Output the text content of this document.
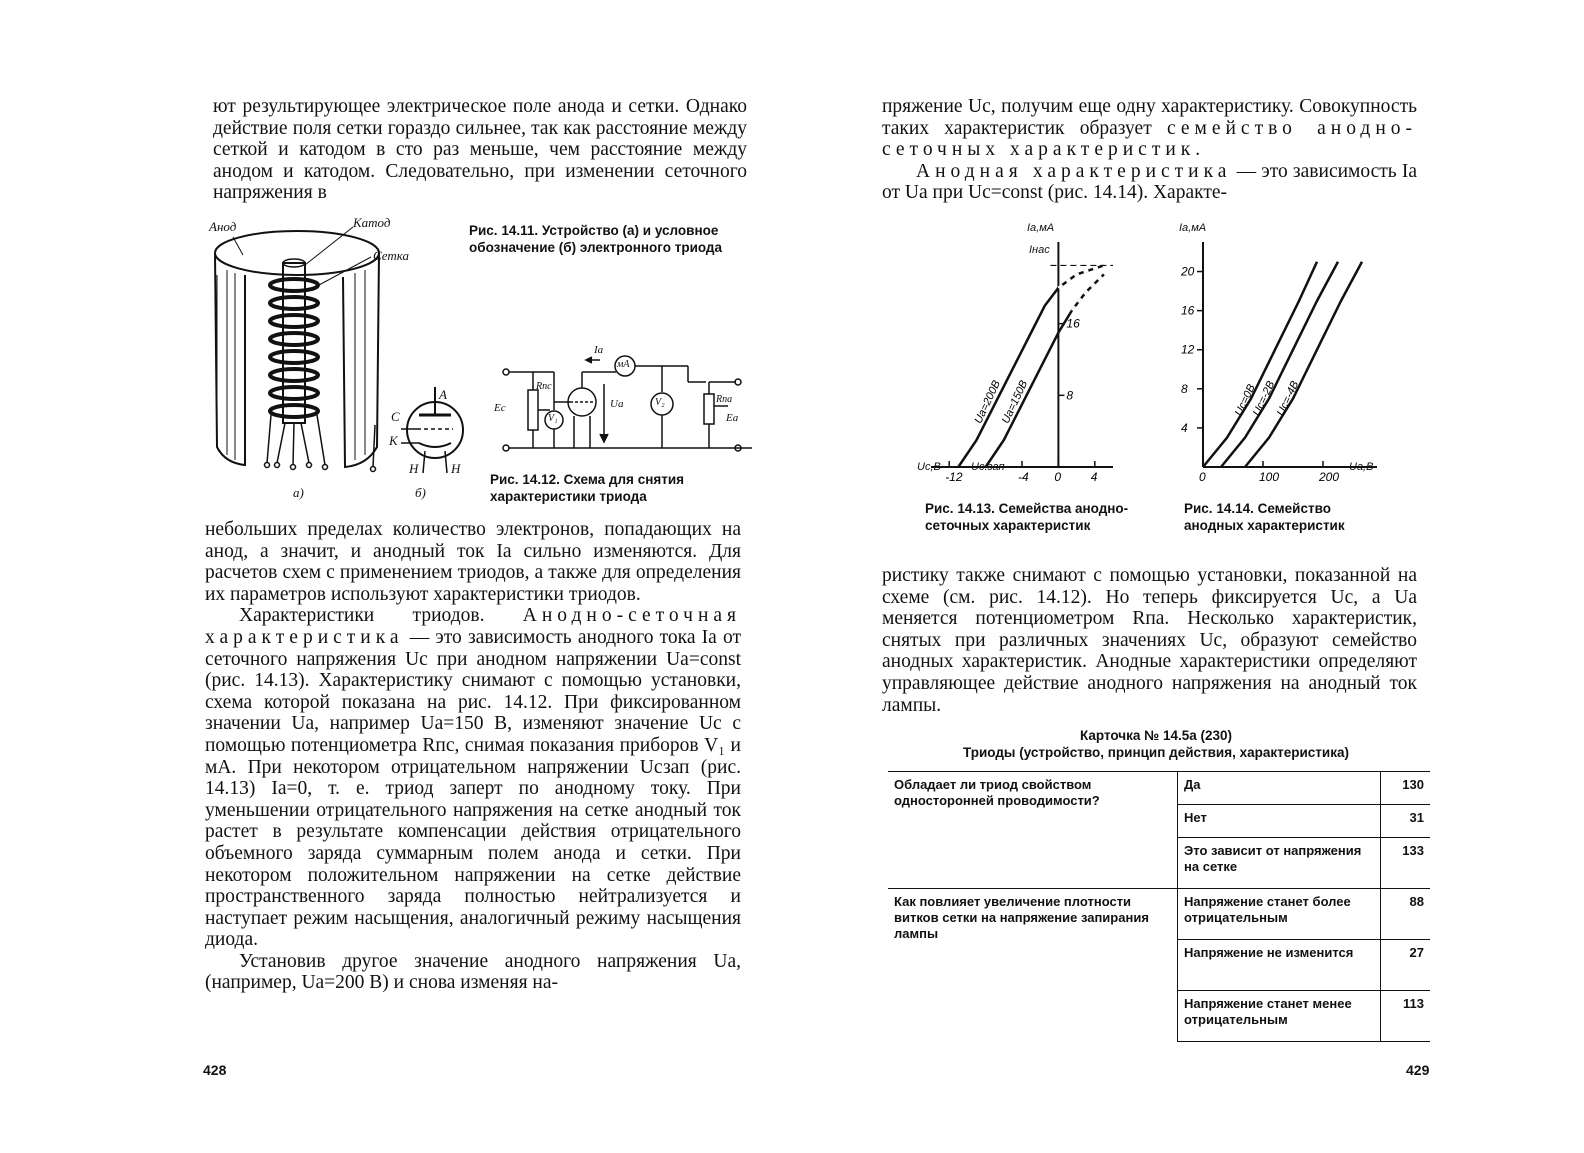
ют результирующее электрическое поле анода и сетки. Однако действие поля сетки гораздо сильнее, так как расстояние между сеткой и катодом в сто раз меньше, чем расстояние между анодом и катодом. Следовательно, при изменении сеточного напряжения в

Анод	Катод
Сетка
С
К
А
Н	Н
а)	б)
Рис. 14.11. Устройство (а) и условное обозначение (б) электронного триода
Iа
мА
Ес
Rпс
V₁
Uа	V₂	Rпа
Еа
Рис. 14.12. Схема для снятия характеристики триода

небольших пределах количество электронов, попадающих на анод, а значит, и анодный ток Iа сильно изменяются. Для расчетов схем с применением триодов, а также для определения их параметров используют характеристики триодов.

Характеристики триодов. Анодно-сеточная характеристика — это зависимость анодного тока Iа от сеточного напряжения Uс при анодном напряжении Uа=const (рис. 14.13). Характеристику снимают с помощью установки, схема которой показана на рис. 14.12. При фиксированном значении Uа, например Uа=150 В, изменяют значение Uс с помощью потенциометра Rпс, снимая показания приборов V₁ и мА. При некотором отрицательном напряжении Uсзап (рис. 14.13) Iа=0, т. е. триод заперт по анодному току. При уменьшении отрицательного напряжения на сетке анодный ток растет в результате компенсации действия отрицательного объемного заряда суммарным полем анода и сетки. При некотором положительном напряжении на сетке действие пространственного заряда полностью нейтрализуется и наступает режим насыщения, аналогичный режиму насыщения диода.

Установив другое значение анодного напряжения Uа, (например, Uа=200 В) и снова изменяя на-

428

пряжение Uс, получим еще одну характеристику. Совокупность таких характеристик образует семейство анодно-сеточных характеристик.

Анодная характеристика — это зависимость Iа от Uа при Uс=const (рис. 14.14). Характе-

-12	-4 0 4
8
16
Uа=200В
Uа=150В
Iа,мА
Iнас
Uс,В	Uс.зап
Рис. 14.13. Семейства анодно-сеточных характеристик
0	100	200
4
8
12
16
20
Uс=0В
Uс=-2В
Uс=-4В
Iа,мА
Uа,В
Рис. 14.14. Семейство анодных характеристик

ристику также снимают с помощью установки, показанной на схеме (см. рис. 14.12). Но теперь фиксируется Uс, а Uа меняется потенциометром Rпа. Несколько характеристик, снятых при различных значениях Uс, образуют семейство анодных характеристик. Анодные характеристики определяют управляющее действие анодного напряжения на анодный ток лампы.

Карточка № 14.5а (230)
Триоды (устройство, принцип действия, характеристика)
Обладает ли триод свойством односторонней проводимости?	Да	130
	Нет	31
	Это зависит от напряжения на сетке	133
Как повлияет увеличение плотности витков сетки на напряжение запирания лампы	Напряжение станет более отрицательным	88
	Напряжение не изменится	27
	Напряжение станет менее отрицательным	113
429
